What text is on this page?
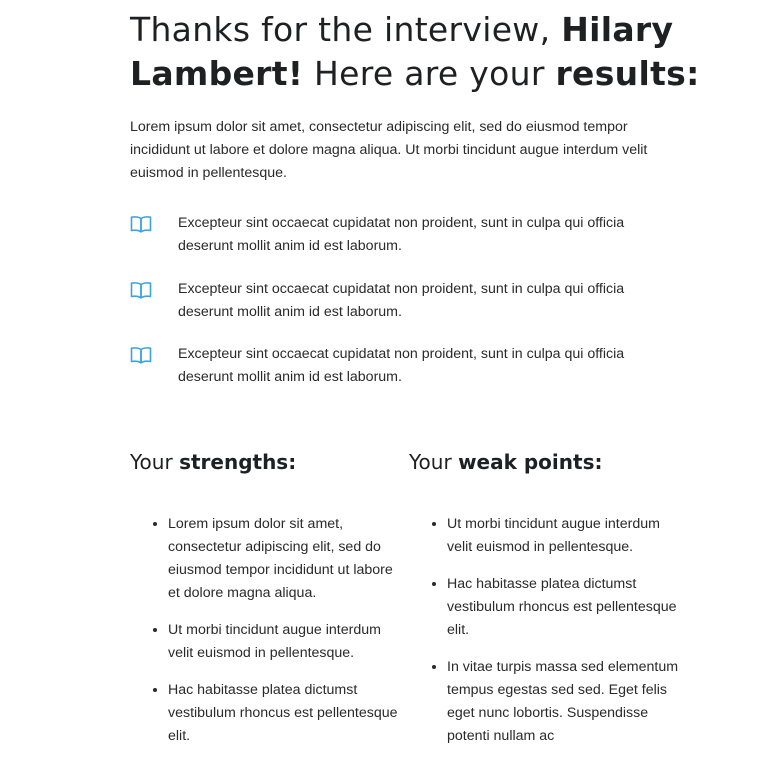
Thanks for the interview, Hilary Lambert! Here are your results:

Lorem ipsum dolor sit amet, consectetur adipiscing elit, sed do eiusmod tempor incididunt ut labore et dolore magna aliqua. Ut morbi tincidunt augue interdum velit euismod in pellentesque.

Excepteur sint occaecat cupidatat non proident, sunt in culpa qui officia deserunt mollit anim id est laborum.
Excepteur sint occaecat cupidatat non proident, sunt in culpa qui officia deserunt mollit anim id est laborum.
Excepteur sint occaecat cupidatat non proident, sunt in culpa qui officia deserunt mollit anim id est laborum.
Your strengths:	Your weak points:
• Lorem ipsum dolor sit amet, consectetur adipiscing elit, sed do eiusmod tempor incididunt ut labore et dolore magna aliqua.
• Ut morbi tincidunt augue interdum velit euismod in pellentesque.
• Hac habitasse platea dictumst vestibulum rhoncus est pellentesque elit.
• Ut morbi tincidunt augue interdum velit euismod in pellentesque.
• Hac habitasse platea dictumst vestibulum rhoncus est pellentesque elit.
• In vitae turpis massa sed elementum tempus egestas sed sed. Eget felis eget nunc lobortis. Suspendisse potenti nullam ac
